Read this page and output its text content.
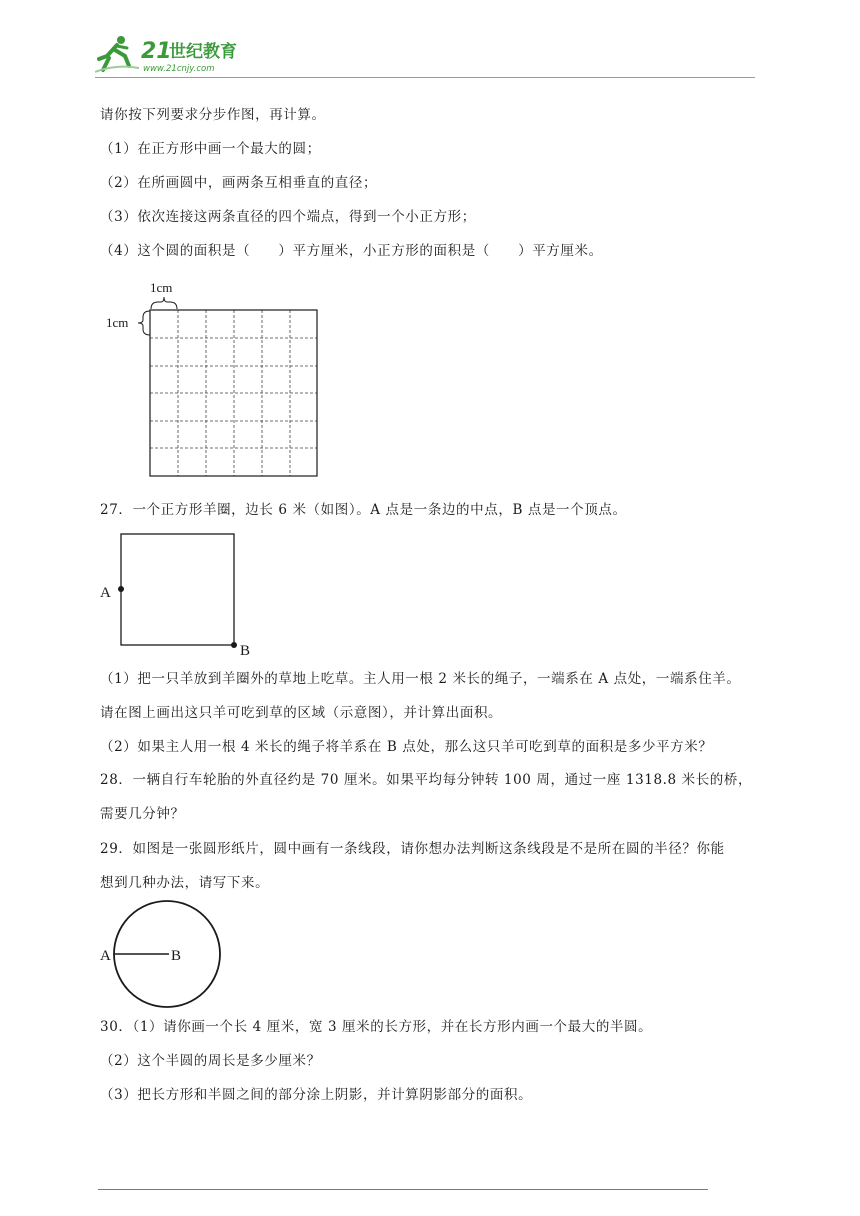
21
世纪教育
www.21cnjy.com
请你按下列要求分步作图，再计算。
（1）在正方形中画一个最大的圆；
（2）在所画圆中，画两条互相垂直的直径；
（3）依次连接这两条直径的四个端点，得到一个小正方形；
（4）这个圆的面积是（　　）平方厘米，小正方形的面积是（　　）平方厘米。
1cm
1cm
27．一个正方形羊圈，边长 6 米（如图）。A 点是一条边的中点，B 点是一个顶点。
A
B
（1）把一只羊放到羊圈外的草地上吃草。主人用一根 2 米长的绳子，一端系在 A 点处，一端系住羊。
请在图上画出这只羊可吃到草的区域（示意图），并计算出面积。
（2）如果主人用一根 4 米长的绳子将羊系在 B 点处，那么这只羊可吃到草的面积是多少平方米？
28．一辆自行车轮胎的外直径约是 70 厘米。如果平均每分钟转 100 周，通过一座 1318.8 米长的桥，
需要几分钟？
29．如图是一张圆形纸片，圆中画有一条线段，请你想办法判断这条线段是不是所在圆的半径？你能
想到几种办法，请写下来。
A	B
30．（1）请你画一个长 4 厘米，宽 3 厘米的长方形，并在长方形内画一个最大的半圆。
（2）这个半圆的周长是多少厘米？
（3）把长方形和半圆之间的部分涂上阴影，并计算阴影部分的面积。
